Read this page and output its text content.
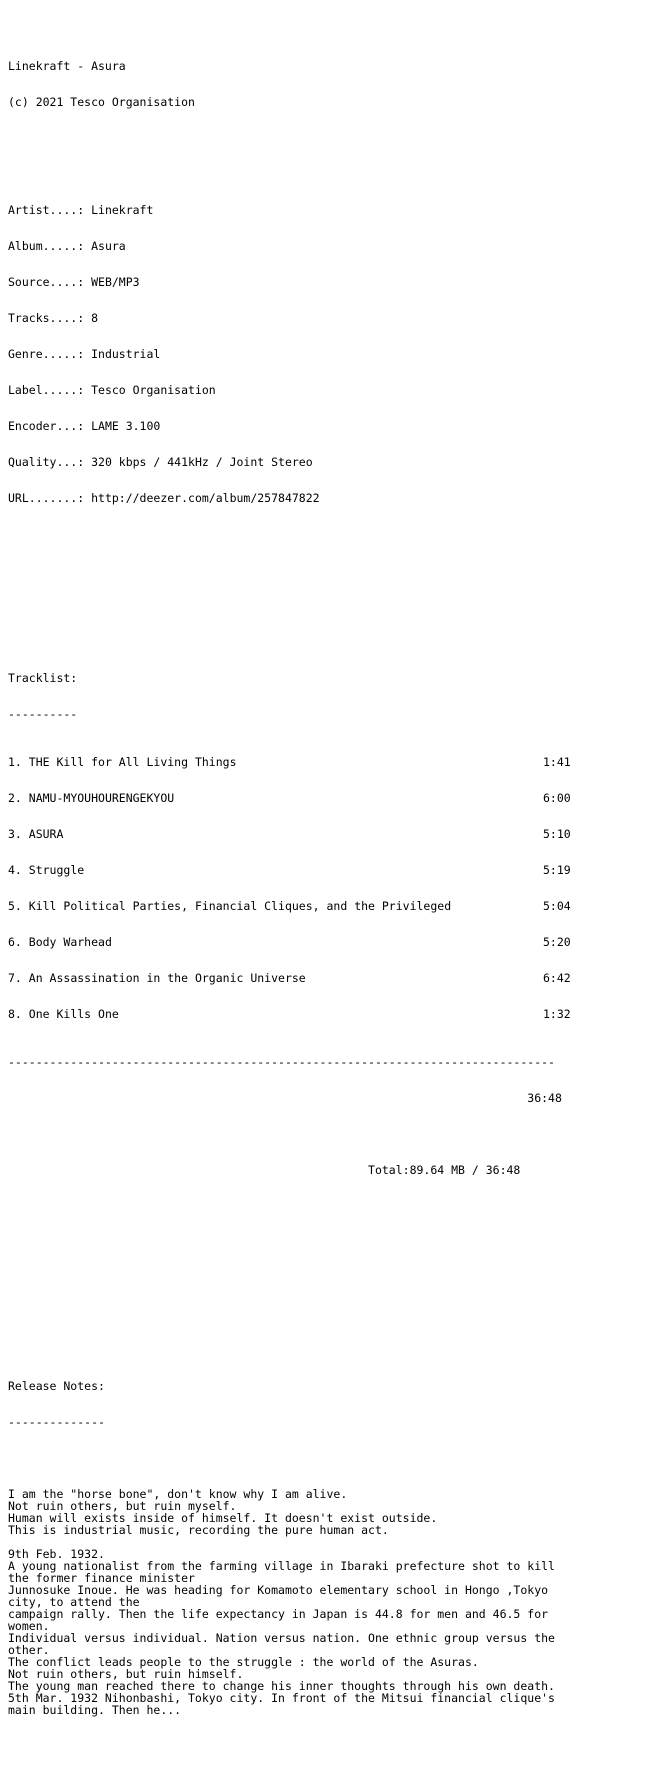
Linekraft - Asura

(c) 2021 Tesco Organisation

Artist....: Linekraft

Album.....: Asura

Source....: WEB/MP3

Tracks....: 8

Genre.....: Industrial

Label.....: Tesco Organisation

Encoder...: LAME 3.100

Quality...: 320 kbps / 441kHz / Joint Stereo

URL.......: http://deezer.com/album/257847822

Tracklist:

----------

1. THE Kill for All Living Things	1:41

2. NAMU-MYOUHOURENGEKYOU	6:00

3. ASURA	5:10

4. Struggle	5:19

5. Kill Political Parties, Financial Cliques, and the Privileged	5:04

6. Body Warhead	5:20

7. An Assassination in the Organic Universe	6:42

8. One Kills One	1:32

-------------------------------------------------------------------------------

36:48

Total:89.64 MB / 36:48

Release Notes:

--------------

I am the "horse bone", don't know why I am alive.
Not ruin others, but ruin myself.
Human will exists inside of himself. It doesn't exist outside.
This is industrial music, recording the pure human act.
9th Feb. 1932.
A young nationalist from the farming village in Ibaraki prefecture shot to kill
the former finance minister
Junnosuke Inoue. He was heading for Komamoto elementary school in Hongo ,Tokyo
city, to attend the
campaign rally. Then the life expectancy in Japan is 44.8 for men and 46.5 for
women.
Individual versus individual. Nation versus nation. One ethnic group versus the
other.
The conflict leads people to the struggle : the world of the Asuras.
Not ruin others, but ruin himself.
The young man reached there to change his inner thoughts through his own death.
5th Mar. 1932 Nihonbashi, Tokyo city. In front of the Mitsui financial clique's
main building. Then he...
